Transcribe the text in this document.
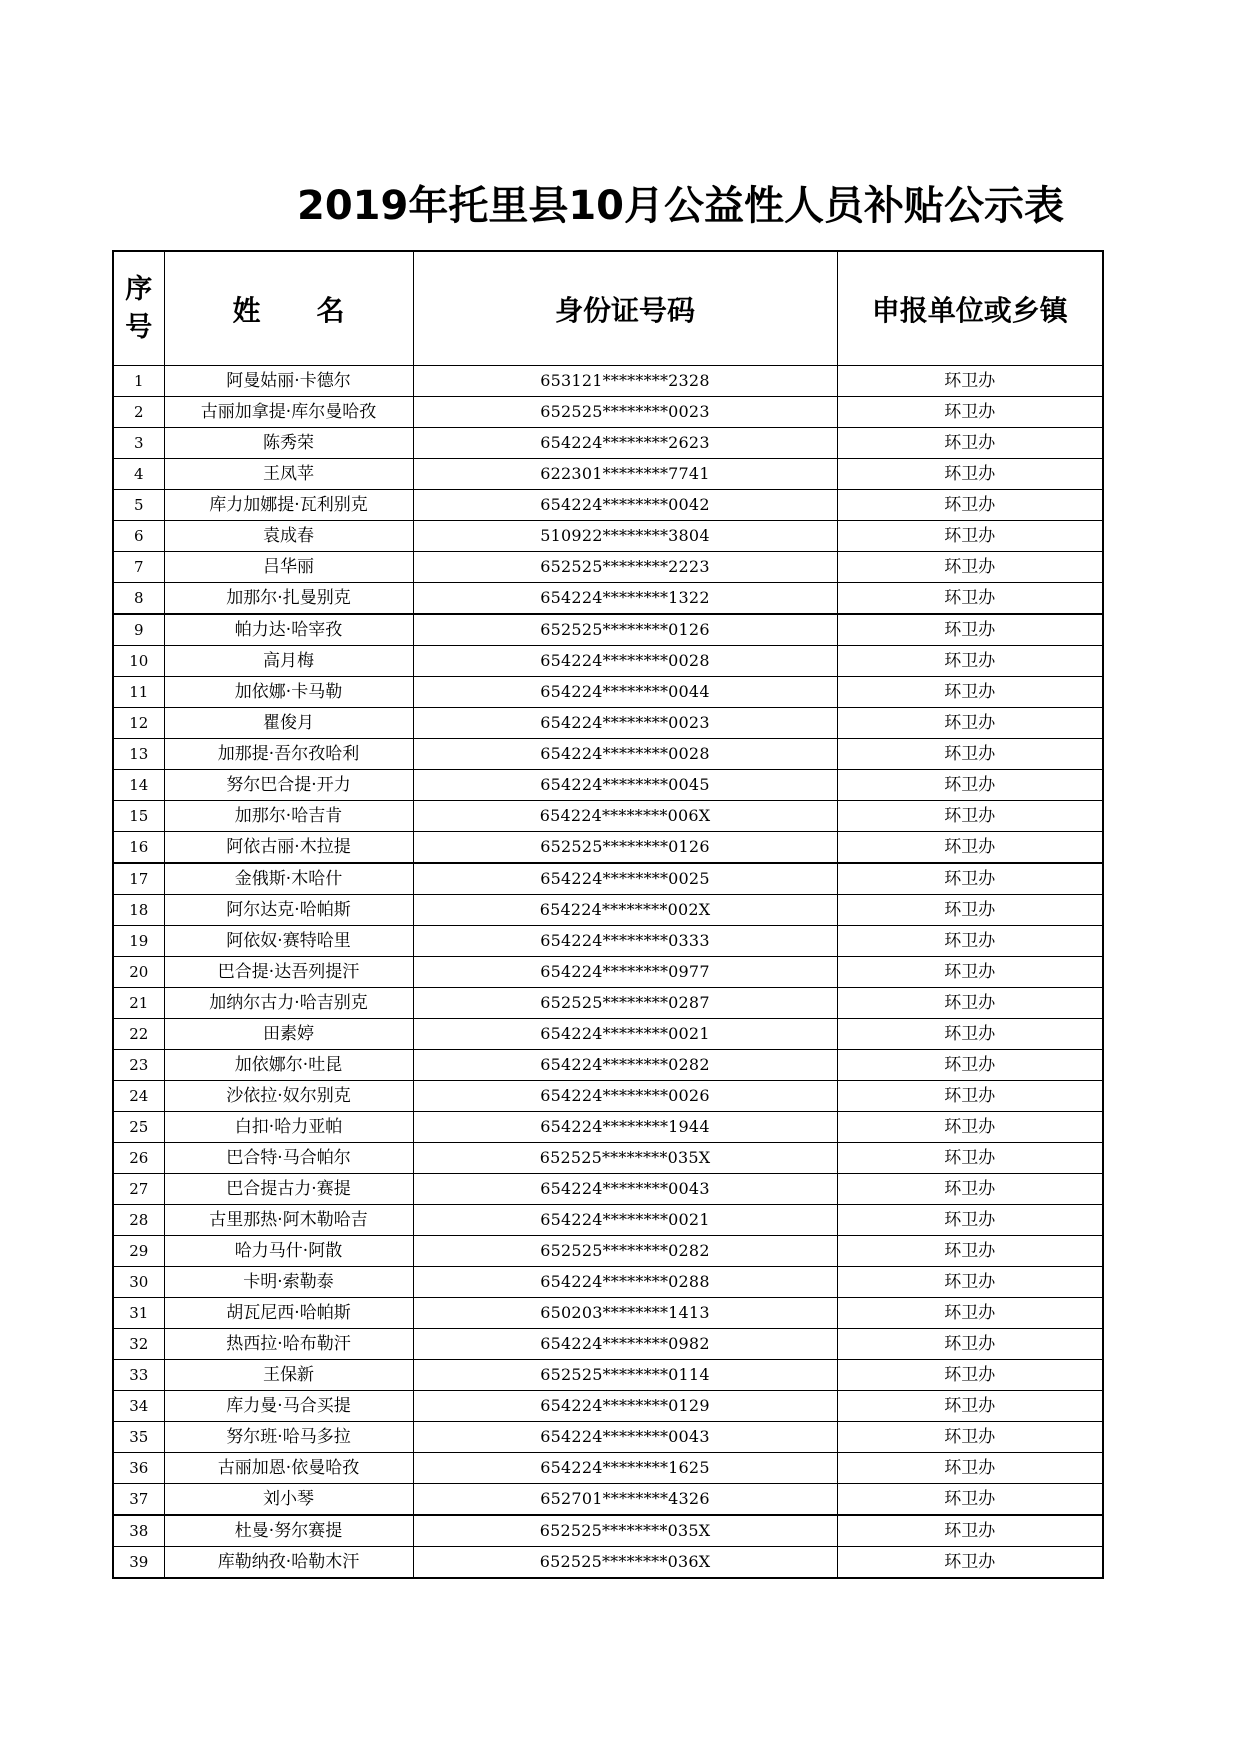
2019年托里县10月公益性人员补贴公示表
序
号	姓 名	身份证号码	申报单位或乡镇
1	阿曼姑丽·卡德尔	653121********2328	环卫办
2	古丽加拿提·库尔曼哈孜	652525********0023	环卫办
3	陈秀荣	654224********2623	环卫办
4	王凤苹	622301********7741	环卫办
5	库力加娜提·瓦利别克	654224********0042	环卫办
6	袁成春	510922********3804	环卫办
7	吕华丽	652525********2223	环卫办
8	加那尔·扎曼别克	654224********1322	环卫办
9	帕力达·哈宰孜	652525********0126	环卫办
10	高月梅	654224********0028	环卫办
11	加依娜·卡马勒	654224********0044	环卫办
12	瞿俊月	654224********0023	环卫办
13	加那提·吾尔孜哈利	654224********0028	环卫办
14	努尔巴合提·开力	654224********0045	环卫办
15	加那尔·哈吉肯	654224********006X	环卫办
16	阿依古丽·木拉提	652525********0126	环卫办
17	金俄斯·木哈什	654224********0025	环卫办
18	阿尔达克·哈帕斯	654224********002X	环卫办
19	阿依奴·赛特哈里	654224********0333	环卫办
20	巴合提·达吾列提汗	654224********0977	环卫办
21	加纳尔古力·哈吉别克	652525********0287	环卫办
22	田素婷	654224********0021	环卫办
23	加依娜尔·吐昆	654224********0282	环卫办
24	沙依拉·奴尔别克	654224********0026	环卫办
25	白扣·哈力亚帕	654224********1944	环卫办
26	巴合特·马合帕尔	652525********035X	环卫办
27	巴合提古力·赛提	654224********0043	环卫办
28	古里那热·阿木勒哈吉	654224********0021	环卫办
29	哈力马什·阿散	652525********0282	环卫办
30	卡明·索勒泰	654224********0288	环卫办
31	胡瓦尼西·哈帕斯	650203********1413	环卫办
32	热西拉·哈布勒汗	654224********0982	环卫办
33	王保新	652525********0114	环卫办
34	库力曼·马合买提	654224********0129	环卫办
35	努尔班·哈马多拉	654224********0043	环卫办
36	古丽加恩·依曼哈孜	654224********1625	环卫办
37	刘小琴	652701********4326	环卫办
38	杜曼·努尔赛提	652525********035X	环卫办
39	库勒纳孜·哈勒木汗	652525********036X	环卫办
